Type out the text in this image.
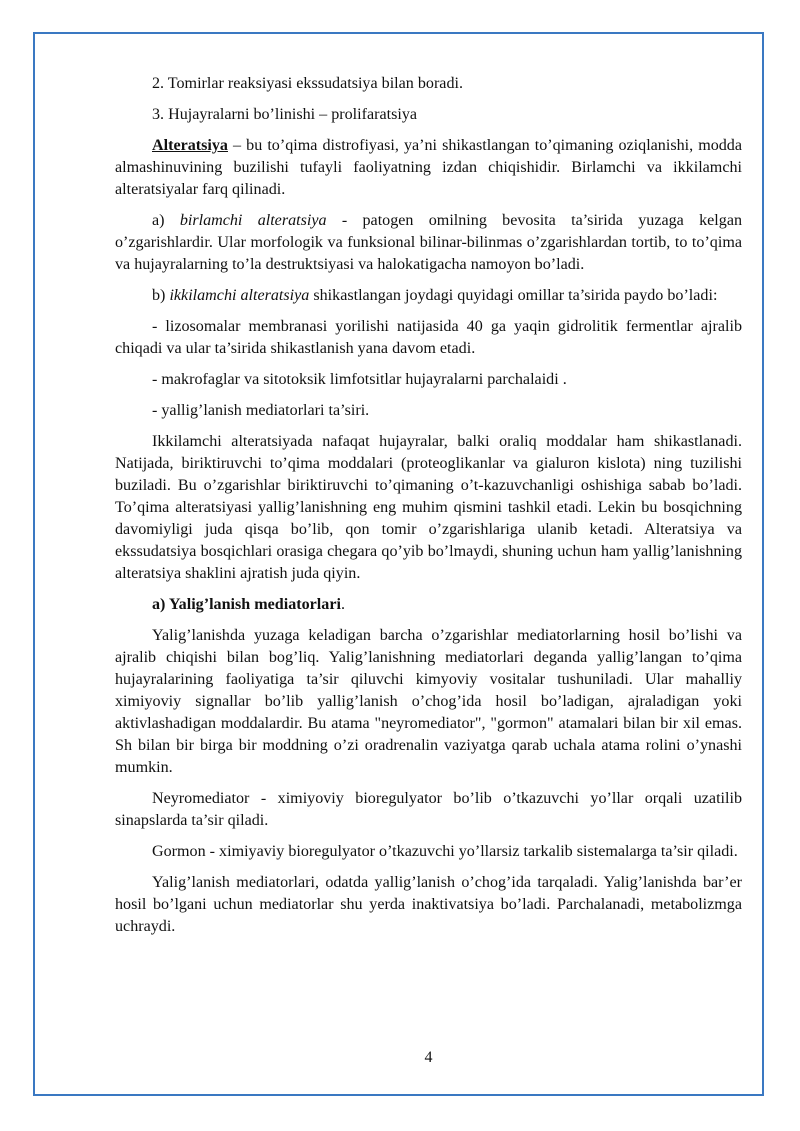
2. Tomirlar reaksiyasi ekssudatsiya bilan boradi.

3. Hujayralarni bo’linishi – prolifaratsiya

Alteratsiya – bu to’qima distrofiyasi, ya’ni shikastlangan to’qimaning oziqlanishi, modda almashinuvining buzilishi tufayli faoliyatning izdan chiqishidir. Birlamchi va ikkilamchi alteratsiyalar farq qilinadi.

a) birlamchi alteratsiya - patogen omilning bevosita ta’sirida yuzaga kelgan o’zgarishlardir. Ular morfologik va funksional bilinar-bilinmas o’zgarishlardan tortib, to to’qima va hujayralarning to’la destruktsiyasi va halokatigacha namoyon bo’ladi.

b) ikkilamchi alteratsiya shikastlangan joydagi quyidagi omillar ta’sirida paydo bo’ladi:

- lizosomalar membranasi yorilishi natijasida 40 ga yaqin gidrolitik fermentlar ajralib chiqadi va ular ta’sirida shikastlanish yana davom etadi.

- makrofaglar va sitotoksik limfotsitlar hujayralarni parchalaidi .

- yallig’lanish mediatorlari ta’siri.

Ikkilamchi alteratsiyada nafaqat hujayralar, balki oraliq moddalar ham shikastlanadi. Natijada, biriktiruvchi to’qima moddalari (proteoglikanlar va gialuron kislota) ning tuzilishi buziladi. Bu o’zgarishlar biriktiruvchi to’qimaning o’t-kazuvchanligi oshishiga sabab bo’ladi. To’qima alteratsiyasi yallig’lanishning eng muhim qismini tashkil etadi. Lekin bu bosqichning davomiyligi juda qisqa bo’lib, qon tomir o’zgarishlariga ulanib ketadi. Alteratsiya va ekssudatsiya bosqichlari orasiga chegara qo’yib bo’lmaydi, shuning uchun ham yallig’lanishning alteratsiya shaklini ajratish juda qiyin.

a) Yalig’lanish mediatorlari.

Yalig’lanishda yuzaga keladigan barcha o’zgarishlar mediatorlarning hosil bo’lishi va ajralib chiqishi bilan bog’liq. Yalig’lanishning mediatorlari deganda yallig’langan to’qima hujayralarining faoliyatiga ta’sir qiluvchi kimyoviy vositalar tushuniladi. Ular mahalliy ximiyoviy signallar bo’lib yallig’lanish o’chog’ida hosil bo’ladigan, ajraladigan yoki aktivlashadigan moddalardir. Bu atama "neyromediator", "gormon" atamalari bilan bir xil emas. Sh bilan bir birga bir moddning o’zi oradrenalin vaziyatga qarab uchala atama rolini o’ynashi mumkin.

Neyromediator - ximiyoviy bioregulyator bo’lib o’tkazuvchi yo’llar orqali uzatilib sinapslarda ta’sir qiladi.

Gormon - ximiyaviy bioregulyator o’tkazuvchi yo’llarsiz tarkalib sistemalarga ta’sir qiladi.

Yalig’lanish mediatorlari, odatda yallig’lanish o’chog’ida tarqaladi. Yalig’lanishda bar’er hosil bo’lgani uchun mediatorlar shu yerda inaktivatsiya bo’ladi. Parchalanadi, metabolizmga uchraydi.

4
